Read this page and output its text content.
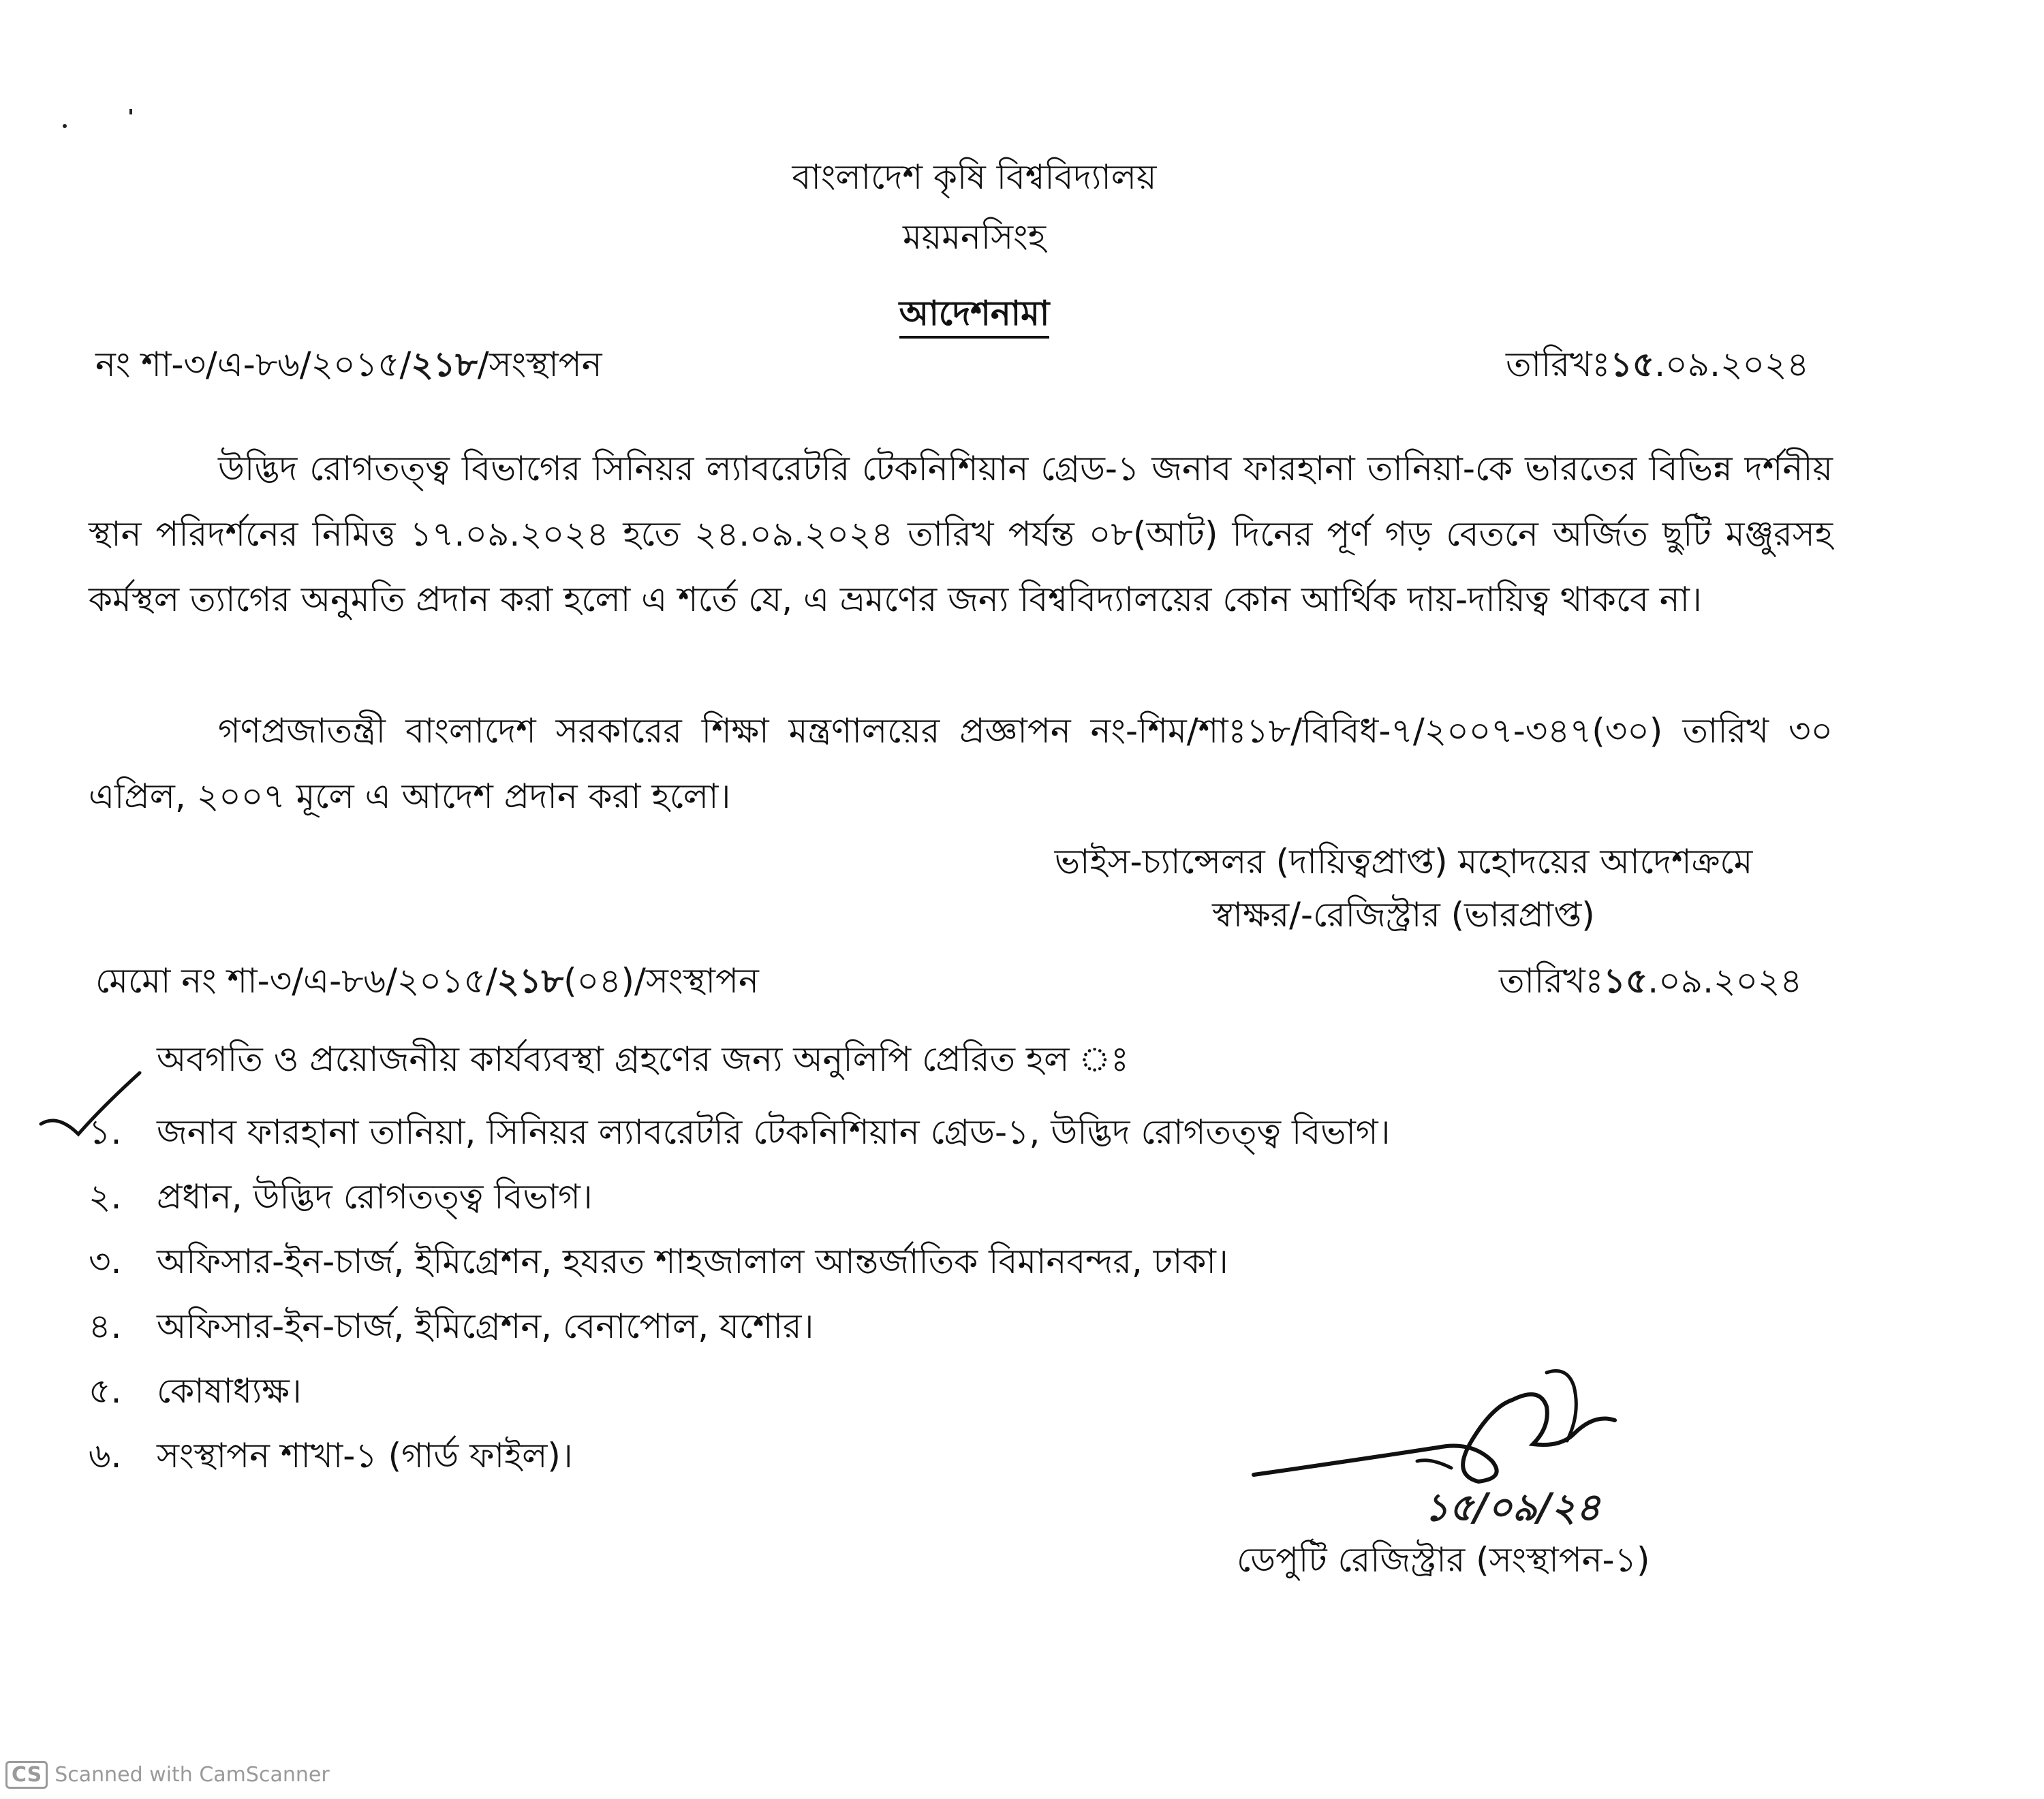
বাংলাদেশ কৃষি বিশ্ববিদ্যালয়
ময়মনসিংহ
আদেশনামা
নং শা-৩/এ-৮৬/২০১৫/২১৮/সংস্থাপন	তারিখঃ১৫.০৯.২০২৪

উদ্ভিদ রোগতত্ত্ব বিভাগের সিনিয়র ল্যাবরেটরি টেকনিশিয়ান গ্রেড-১ জনাব ফারহানা তানিয়া-কে ভারতের বিভিন্ন দর্শনীয় স্থান পরিদর্শনের নিমিত্ত ১৭.০৯.২০২৪ হতে ২৪.০৯.২০২৪ তারিখ পর্যন্ত ০৮(আট) দিনের পূর্ণ গড় বেতনে অর্জিত ছুটি মঞ্জুরসহ কর্মস্থল ত্যাগের অনুমতি প্রদান করা হলো এ শর্তে যে, এ ভ্রমণের জন্য বিশ্ববিদ্যালয়ের কোন আর্থিক দায়-দায়িত্ব থাকবে না।

গণপ্রজাতন্ত্রী বাংলাদেশ সরকারের শিক্ষা মন্ত্রণালয়ের প্রজ্ঞাপন নং-শিম/শাঃ১৮/বিবিধ-৭/২০০৭-৩৪৭(৩০) তারিখ ৩০ এপ্রিল, ২০০৭ মূলে এ আদেশ প্রদান করা হলো।

ভাইস-চ্যান্সেলর (দায়িত্বপ্রাপ্ত) মহোদয়ের আদেশক্রমে
স্বাক্ষর/-রেজিস্ট্রার (ভারপ্রাপ্ত)
মেমো নং শা-৩/এ-৮৬/২০১৫/২১৮(০৪)/সংস্থাপন	তারিখঃ১৫.০৯.২০২৪
অবগতি ও প্রয়োজনীয় কার্যব্যবস্থা গ্রহণের জন্য অনুলিপি প্রেরিত হল ঃ
১. জনাব ফারহানা তানিয়া, সিনিয়র ল্যাবরেটরি টেকনিশিয়ান গ্রেড-১, উদ্ভিদ রোগতত্ত্ব বিভাগ।
২. প্রধান, উদ্ভিদ রোগতত্ত্ব বিভাগ।
৩. অফিসার-ইন-চার্জ, ইমিগ্রেশন, হযরত শাহজালাল আন্তর্জাতিক বিমানবন্দর, ঢাকা।
৪. অফিসার-ইন-চার্জ, ইমিগ্রেশন, বেনাপোল, যশোর।
৫. কোষাধ্যক্ষ।
৬. সংস্থাপন শাখা-১ (গার্ড ফাইল)।
১৫/০৯/২৪
ডেপুটি রেজিস্ট্রার (সংস্থাপন-১)
CS Scanned with CamScanner
